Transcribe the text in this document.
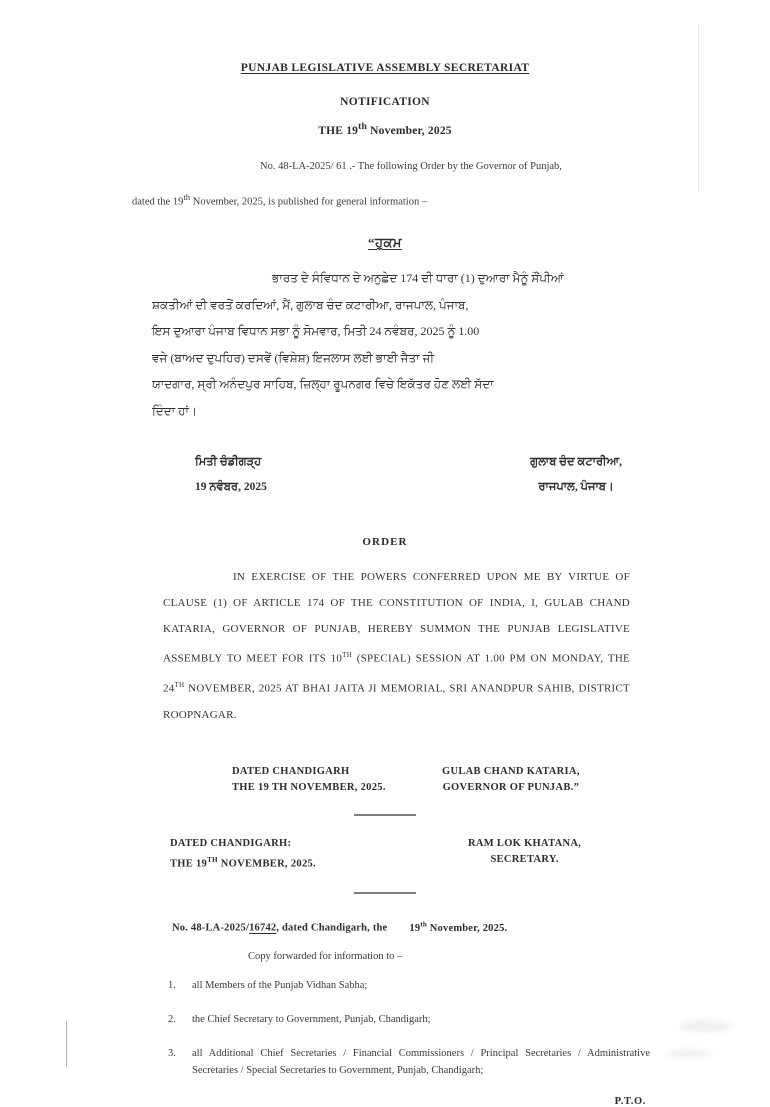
PUNJAB LEGISLATIVE ASSEMBLY SECRETARIAT
NOTIFICATION
THE 19th November, 2025
No. 48-LA-2025/ 61 .- The following Order by the Governor of Punjab,
dated the 19th November, 2025, is published for general information –
“ਹੁਕਮ

ਭਾਰਤ ਦੇ ਸੰਵਿਧਾਨ ਦੇ ਅਨੁਛੇਦ 174 ਦੀ ਧਾਰਾ (1) ਦੁਆਰਾ ਮੈਨੂੰ ਸੌਂਪੀਆਂ

ਸ਼ਕਤੀਆਂ ਦੀ ਵਰਤੋਂ ਕਰਦਿਆਂ, ਮੈਂ, ਗੁਲਾਬ ਚੰਦ ਕਟਾਰੀਆ, ਰਾਜਪਾਲ, ਪੰਜਾਬ,

ਇਸ ਦੁਆਰਾ ਪੰਜਾਬ ਵਿਧਾਨ ਸਭਾ ਨੂੰ ਸੋਮਵਾਰ, ਮਿਤੀ 24 ਨਵੰਬਰ, 2025 ਨੂੰ 1.00

ਵਜੇ (ਬਾਅਦ ਦੁਪਹਿਰ) ਦਸਵੇਂ (ਵਿਸ਼ੇਸ਼) ਇਜਲਾਸ ਲਈ ਭਾਈ ਜੈਤਾ ਜੀ

ਯਾਦਗਾਰ, ਸ੍ਰੀ ਅਨੰਦਪੁਰ ਸਾਹਿਬ, ਜ਼ਿਲ੍ਹਾ ਰੂਪਨਗਰ ਵਿਚੇ ਇਕੱਤਰ ਹੋਣ ਲਈ ਸੱਦਾ

ਦਿੰਦਾ ਹਾਂ।

ਮਿਤੀ ਚੰਡੀਗੜ੍ਹ
19 ਨਵੰਬਰ, 2025
ਗੁਲਾਬ ਚੰਦ ਕਟਾਰੀਆ,
ਰਾਜਪਾਲ, ਪੰਜਾਬ।
ORDER

IN EXERCISE OF THE POWERS CONFERRED UPON ME BY VIRTUE OF CLAUSE (1) OF ARTICLE 174 OF THE CONSTITUTION OF INDIA, I, GULAB CHAND KATARIA, GOVERNOR OF PUNJAB, HEREBY SUMMON THE PUNJAB LEGISLATIVE ASSEMBLY TO MEET FOR ITS 10TH (SPECIAL) SESSION AT 1.00 PM ON MONDAY, THE 24TH NOVEMBER, 2025 AT BHAI JAITA JI MEMORIAL, SRI ANANDPUR SAHIB, DISTRICT ROOPNAGAR.

DATED CHANDIGARH
THE 19 TH NOVEMBER, 2025.
GULAB CHAND KATARIA,
GOVERNOR OF PUNJAB.”
DATED CHANDIGARH:
THE 19TH NOVEMBER, 2025.
RAM LOK KHATANA,
SECRETARY.
No. 48-LA-2025/16742, dated Chandigarh, the 19th November, 2025.
Copy forwarded for information to –
1.	all Members of the Punjab Vidhan Sabha;
2.	the Chief Secretary to Government, Punjab, Chandigarh;
3.	all Additional Chief Secretaries / Financial Commissioners / Principal Secretaries / Administrative Secretaries / Special Secretaries to Government, Punjab, Chandigarh;
P.T.O.
